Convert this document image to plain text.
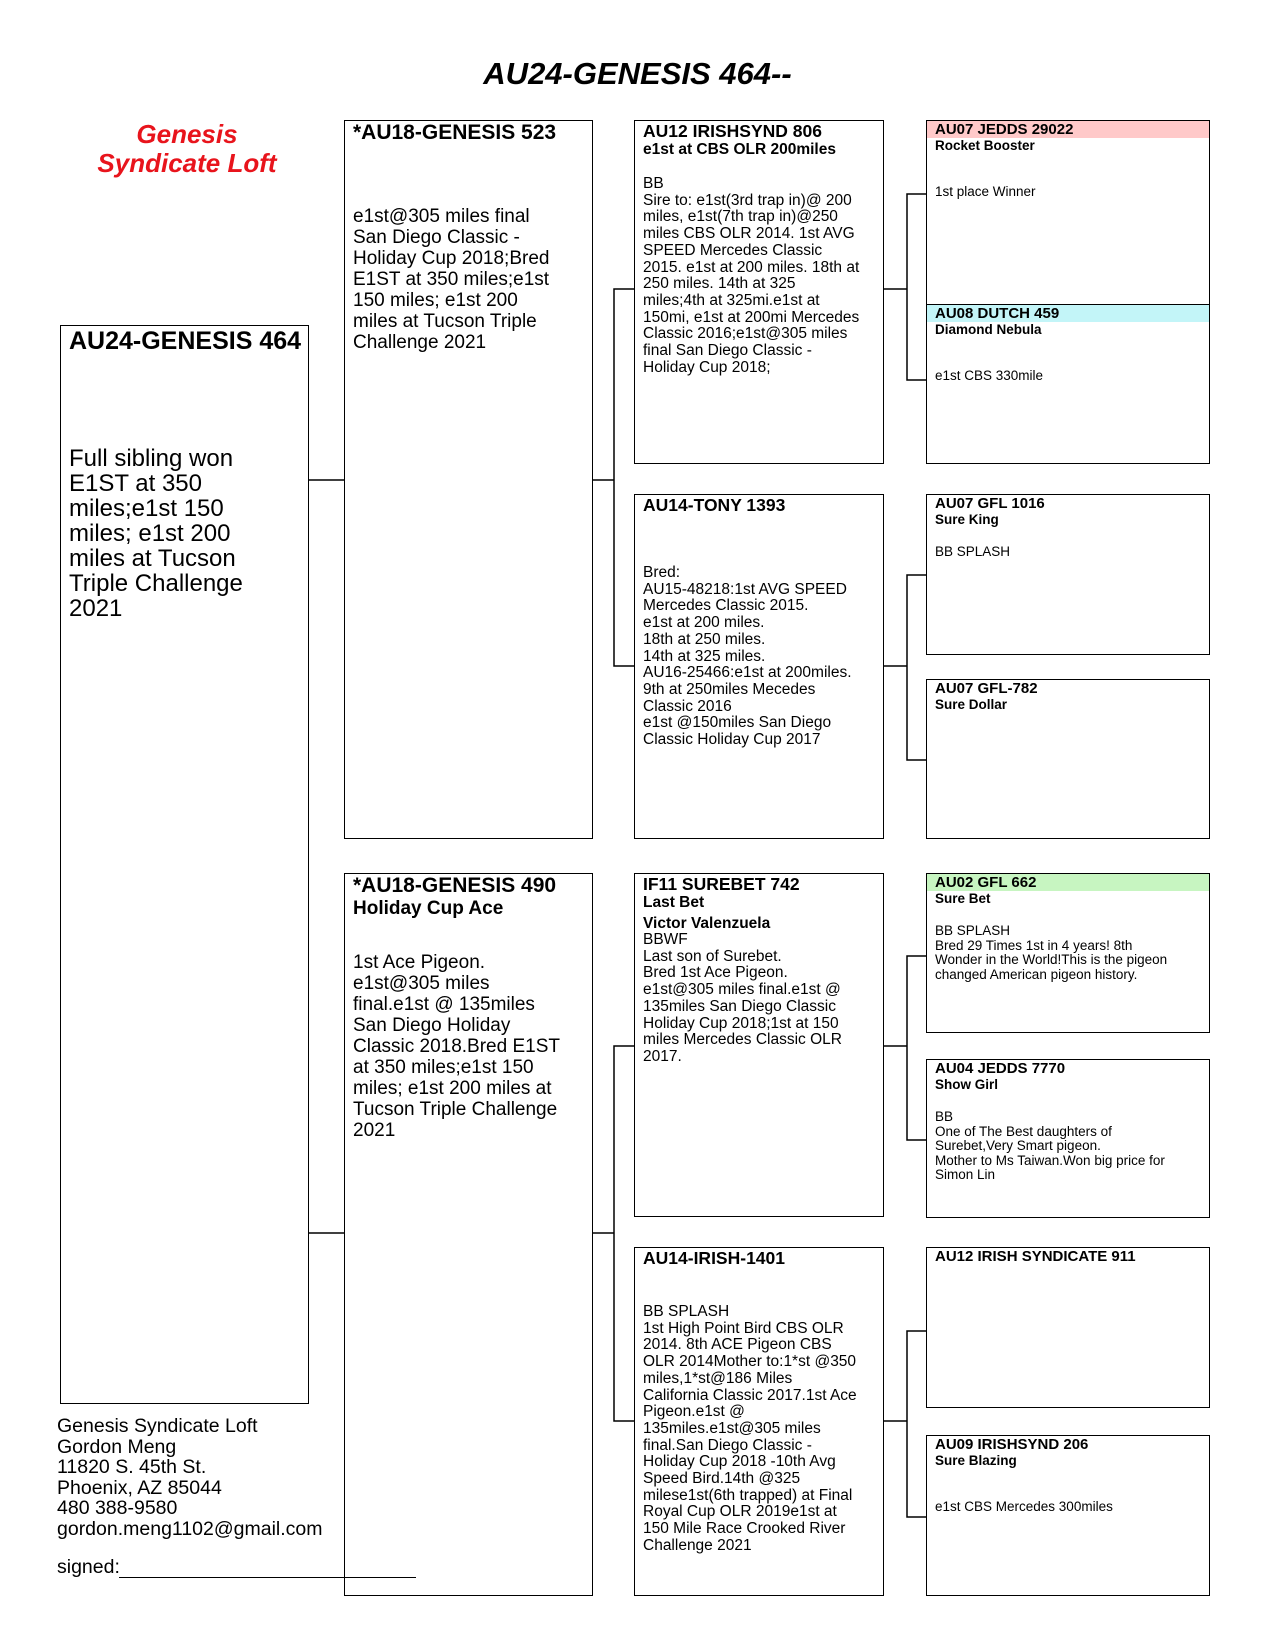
AU24-GENESIS 464--
Genesis
Syndicate Loft
AU24-GENESIS 464
Full sibling won
E1ST at 350
miles;e1st 150
miles; e1st 200
miles at Tucson
Triple Challenge
2021
*AU18-GENESIS 523
e1st@305 miles final
San Diego Classic -
Holiday Cup 2018;Bred
E1ST at 350 miles;e1st
150 miles; e1st 200
miles at Tucson Triple
Challenge 2021
*AU18-GENESIS 490
Holiday Cup Ace
1st Ace Pigeon.
e1st@305 miles
final.e1st @ 135miles
San Diego Holiday
Classic 2018.Bred E1ST
at 350 miles;e1st 150
miles; e1st 200 miles at
Tucson Triple Challenge
2021
AU12 IRISHSYND 806
e1st at CBS OLR 200miles
BB
Sire to: e1st(3rd trap in)@ 200
miles, e1st(7th trap in)@250
miles CBS OLR 2014. 1st AVG
SPEED Mercedes Classic
2015. e1st at 200 miles. 18th at
250 miles. 14th at 325
miles;4th at 325mi.e1st at
150mi, e1st at 200mi Mercedes
Classic 2016;e1st@305 miles
final San Diego Classic -
Holiday Cup 2018;
AU14-TONY 1393
Bred:
AU15-48218:1st AVG SPEED
Mercedes Classic 2015.
e1st at 200 miles.
18th at 250 miles.
14th at 325 miles.
AU16-25466:e1st at 200miles.
9th at 250miles Mecedes
Classic 2016
e1st @150miles San Diego
Classic Holiday Cup 2017
IF11 SUREBET 742
Last Bet
Victor Valenzuela
BBWF
Last son of Surebet.
Bred 1st Ace Pigeon.
e1st@305 miles final.e1st @
135miles San Diego Classic
Holiday Cup 2018;1st at 150
miles Mercedes Classic OLR
2017.
AU14-IRISH-1401
BB SPLASH
1st High Point Bird CBS OLR
2014. 8th ACE Pigeon CBS
OLR 2014Mother to:1*st @350
miles,1*st@186 Miles
California Classic 2017.1st Ace
Pigeon.e1st @
135miles.e1st@305 miles
final.San Diego Classic -
Holiday Cup 2018 -10th Avg
Speed Bird.14th @325
milese1st(6th trapped) at Final
Royal Cup OLR 2019e1st at
150 Mile Race Crooked River
Challenge 2021
AU07 JEDDS 29022
Rocket Booster
1st place Winner
AU08 DUTCH 459
Diamond Nebula
e1st CBS 330mile
AU07 GFL 1016
Sure King
BB SPLASH
AU07 GFL-782
Sure Dollar
AU02 GFL 662
Sure Bet
BB SPLASH
Bred 29 Times 1st in 4 years! 8th
Wonder in the World!This is the pigeon
changed American pigeon history.
AU04 JEDDS 7770
Show Girl
BB
One of The Best daughters of
Surebet,Very Smart pigeon.
Mother to Ms Taiwan.Won big price for
Simon Lin
AU12 IRISH SYNDICATE 911
AU09 IRISHSYND 206
Sure Blazing
e1st CBS Mercedes 300miles
Genesis Syndicate Loft
Gordon Meng
11820 S. 45th St.
Phoenix, AZ 85044
480 388-9580
gordon.meng1102@gmail.com
signed:
